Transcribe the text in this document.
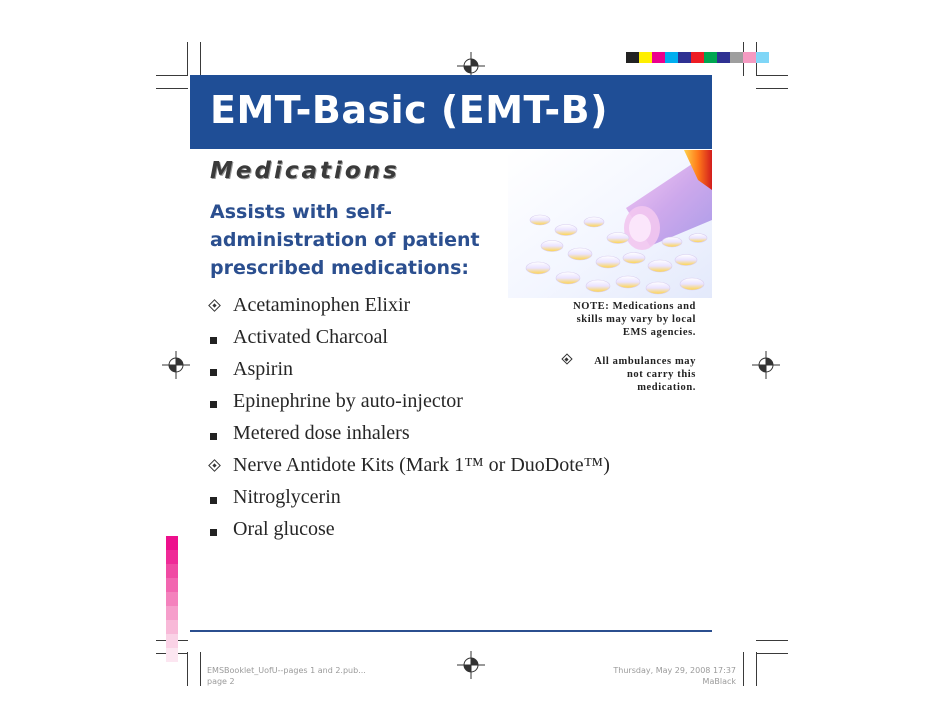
EMT-Basic (EMT-B)
Medications
Assists with self-administration of patient prescribed medications:
Acetaminophen Elixir
Activated Charcoal
Aspirin
Epinephrine by auto-injector
Metered dose inhalers
Nerve Antidote Kits (Mark 1™ or DuoDote™)
Nitroglycerin
Oral glucose
NOTE: Medications and
skills may vary by local
EMS agencies.
All ambulances may
not carry this
medication.
EMSBooklet_UofU--pages 1 and 2.pub...
page 2
Thursday, May 29, 2008 17:37
MaBlack
